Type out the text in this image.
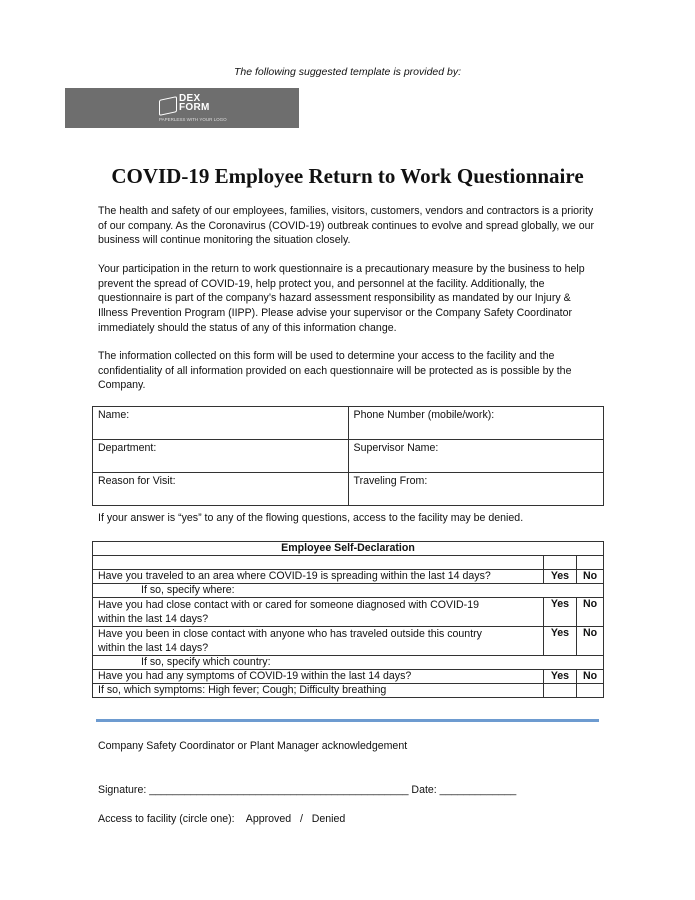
The following suggested template is provided by:
DEX
FORM
PAPERLESS WITH YOUR LOGO
COVID-19 Employee Return to Work Questionnaire

The health and safety of our employees, families, visitors, customers, vendors and contractors is a priority of our company. As the Coronavirus (COVID-19) outbreak continues to evolve and spread globally, we our business will continue monitoring the situation closely.

Your participation in the return to work questionnaire is a precautionary measure by the business to help prevent the spread of COVID-19, help protect you, and personnel at the facility. Additionally, the questionnaire is part of the company’s hazard assessment responsibility as mandated by our Injury & Illness Prevention Program (IIPP). Please advise your supervisor or the Company Safety Coordinator immediately should the status of any of this information change.

The information collected on this form will be used to determine your access to the facility and the confidentiality of all information provided on each questionnaire will be protected as is possible by the Company.

Name:	Phone Number (mobile/work):
Department:	Supervisor Name:
Reason for Visit:	Traveling From:
If your answer is “yes” to any of the flowing questions, access to the facility may be denied.
Employee Self-Declaration		

Have you traveled to an area where COVID-19 is spreading within the last 14 days?	Yes	No
If so, specify where:		
Have you had close contact with or cared for someone diagnosed with COVID-19
within the last 14 days?	Yes	No
Have you been in close contact with anyone who has traveled outside this country
within the last 14 days?	Yes	No
If so, specify which country:		
Have you had any symptoms of COVID-19 within the last 14 days?	Yes	No
If so, which symptoms: High fever; Cough; Difficulty breathing		
Company Safety Coordinator or Plant Manager acknowledgement
Signature: ____________________________________________ Date: _____________
Access to facility (circle one):    Approved   /   Denied
